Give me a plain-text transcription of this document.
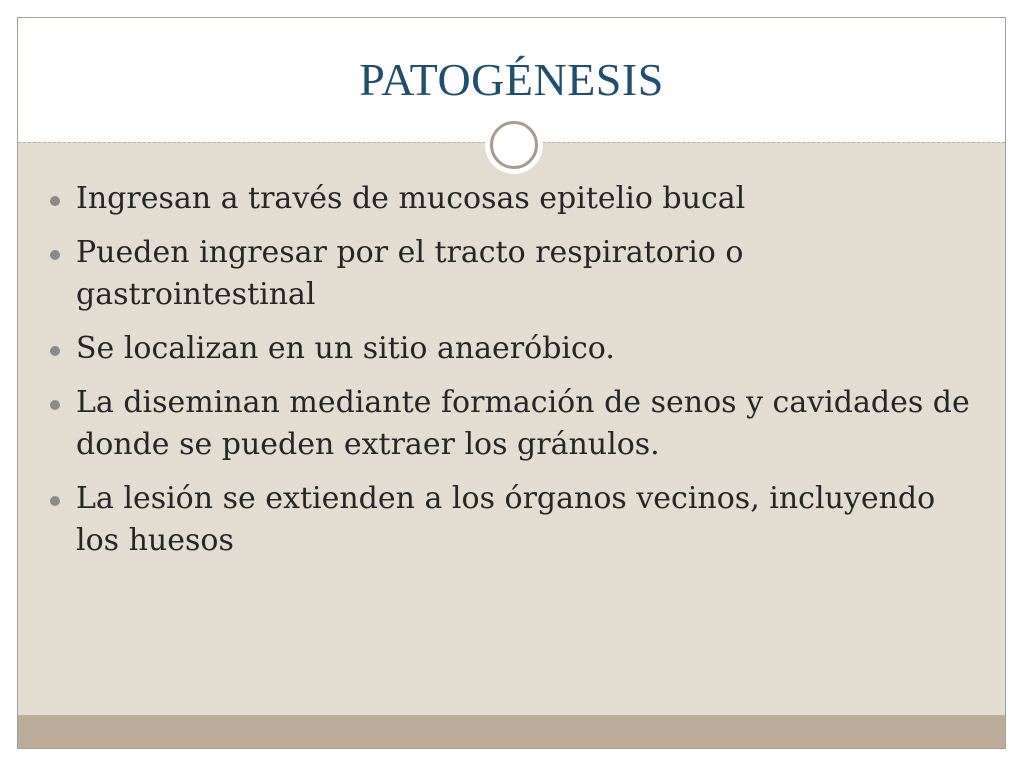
PATOGÉNESIS
Ingresan a través de mucosas epitelio bucal
Pueden ingresar por el tracto respiratorio o gastrointestinal
Se localizan en un sitio anaeróbico.
La diseminan mediante formación de senos y cavidades de donde se pueden extraer los gránulos.
La lesión se extienden a los órganos vecinos, incluyendo los huesos
